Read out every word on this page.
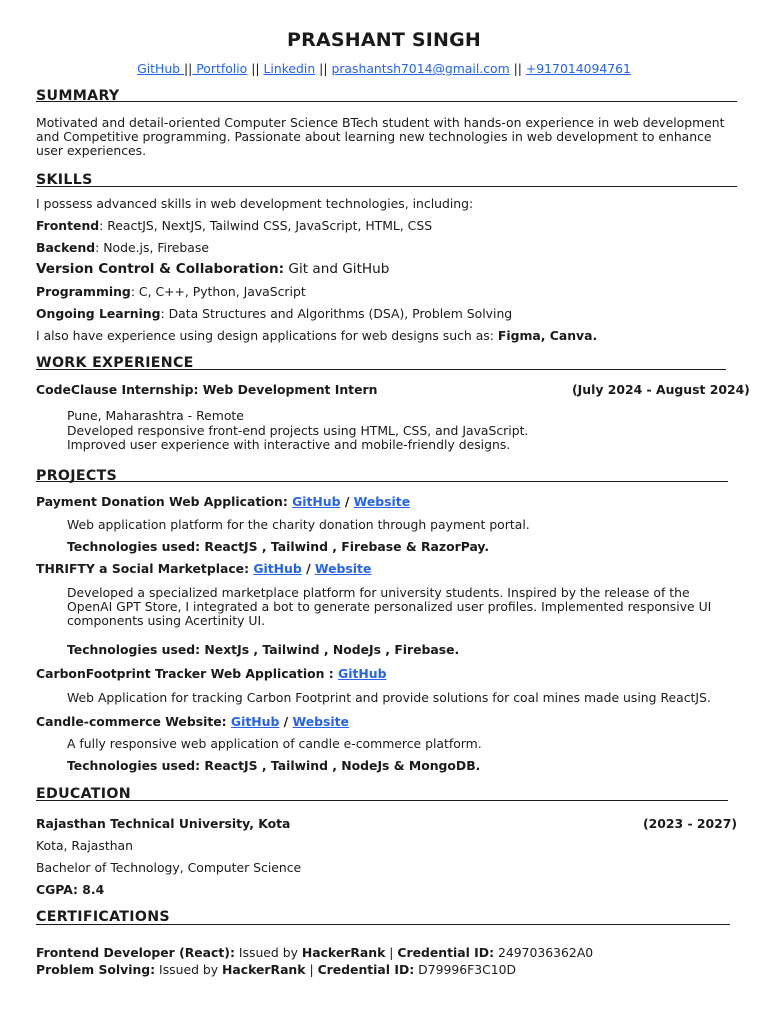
PRASHANT SINGH
GitHub || Portfolio || Linkedin || prashantsh7014@gmail.com || +917014094761
SUMMARY
Motivated and detail-oriented Computer Science BTech student with hands-on experience in web development and Competitive programming. Passionate about learning new technologies in web development to enhance user experiences.
SKILLS
I possess advanced skills in web development technologies, including:
Frontend: ReactJS, NextJS, Tailwind CSS, JavaScript, HTML, CSS
Backend: Node.js, Firebase
Version Control & Collaboration: Git and GitHub
Programming: C, C++, Python, JavaScript
Ongoing Learning: Data Structures and Algorithms (DSA), Problem Solving
I also have experience using design applications for web designs such as: Figma, Canva.
WORK EXPERIENCE
CodeClause Internship: Web Development Intern	(July 2024 - August 2024)
Pune, Maharashtra - Remote
Developed responsive front-end projects using HTML, CSS, and JavaScript.
Improved user experience with interactive and mobile-friendly designs.
PROJECTS
Payment Donation Web Application: GitHub / Website
Web application platform for the charity donation through payment portal.
Technologies used: ReactJS , Tailwind , Firebase & RazorPay.
THRIFTY a Social Marketplace: GitHub / Website
Developed a specialized marketplace platform for university students. Inspired by the release of the OpenAI GPT Store, I integrated a bot to generate personalized user profiles. Implemented responsive UI components using Acertinity UI.
Technologies used: NextJs , Tailwind , NodeJs , Firebase.
CarbonFootprint Tracker Web Application : GitHub
Web Application for tracking Carbon Footprint and provide solutions for coal mines made using ReactJS.
Candle-commerce Website: GitHub / Website
A fully responsive web application of candle e-commerce platform.
Technologies used: ReactJS , Tailwind , NodeJs & MongoDB.
EDUCATION
Rajasthan Technical University, Kota	(2023 - 2027)
Kota, Rajasthan
Bachelor of Technology, Computer Science
CGPA: 8.4
CERTIFICATIONS
Frontend Developer (React): Issued by HackerRank | Credential ID: 2497036362A0
Problem Solving: Issued by HackerRank | Credential ID: D79996F3C10D
